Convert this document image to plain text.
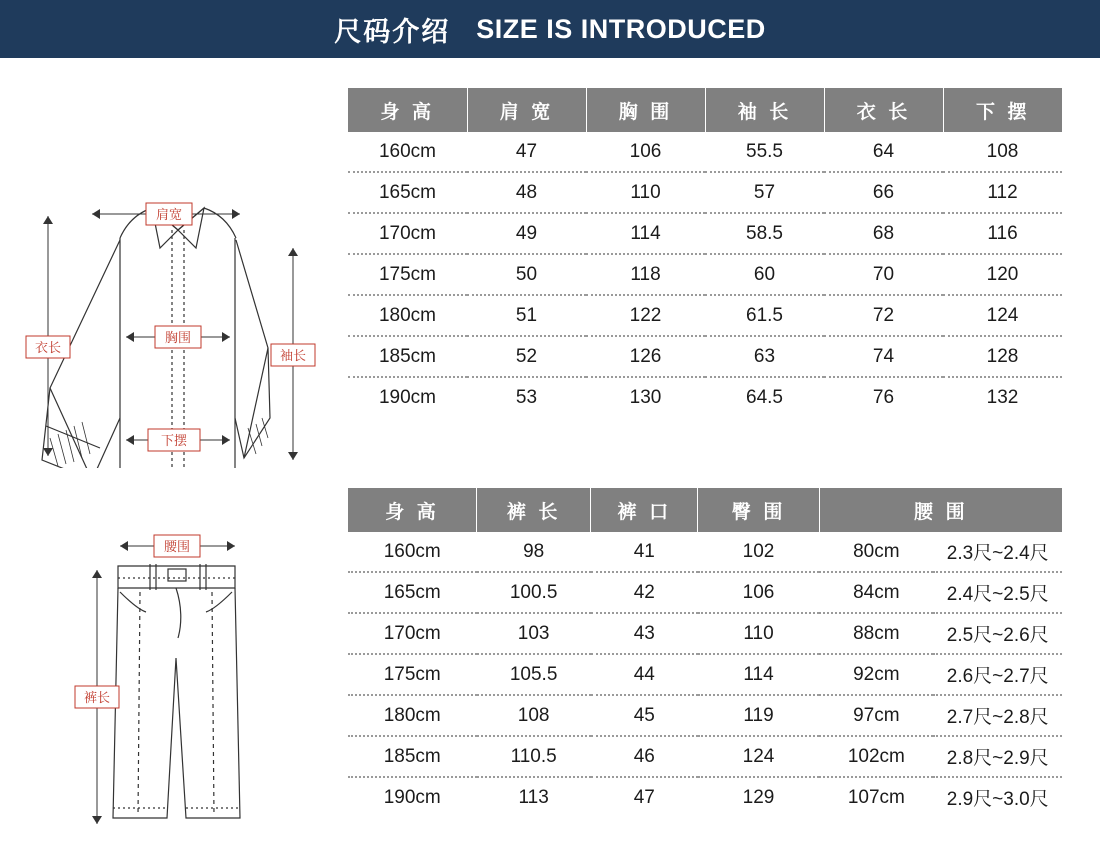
尺码介绍 SIZE IS INTRODUCED
肩宽
胸围
下摆
衣长
袖长
身 高	肩 宽	胸 围	袖 长	衣 长	下 摆
160cm	47	106	55.5	64	108
165cm	48	110	57	66	112
170cm	49	114	58.5	68	116
175cm	50	118	60	70	120
180cm	51	122	61.5	72	124
185cm	52	126	63	74	128
190cm	53	130	64.5	76	132
腰围
裤长
身 高	裤 长	裤 口	臀 围	腰 围	
160cm	98	41	102	80cm	2.3尺~2.4尺
165cm	100.5	42	106	84cm	2.4尺~2.5尺
170cm	103	43	110	88cm	2.5尺~2.6尺
175cm	105.5	44	114	92cm	2.6尺~2.7尺
180cm	108	45	119	97cm	2.7尺~2.8尺
185cm	110.5	46	124	102cm	2.8尺~2.9尺
190cm	113	47	129	107cm	2.9尺~3.0尺
